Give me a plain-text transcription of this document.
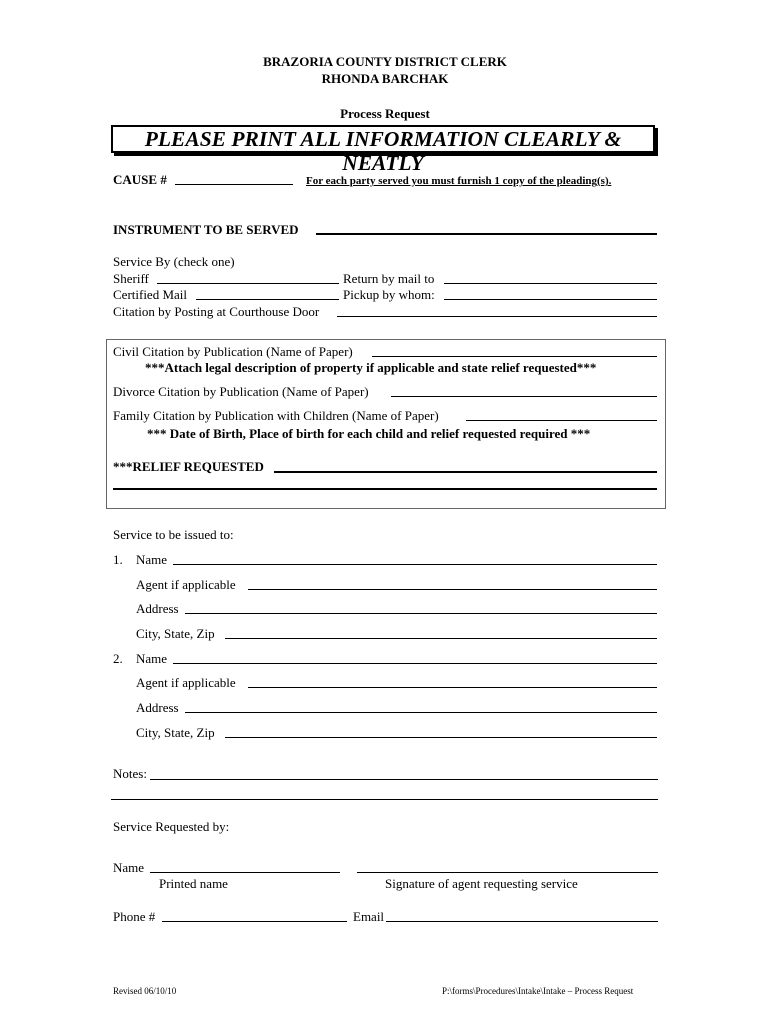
BRAZORIA COUNTY DISTRICT CLERK
RHONDA BARCHAK
Process Request
PLEASE PRINT ALL INFORMATION CLEARLY & NEATLY
CAUSE #	For each party served you must furnish 1 copy of the pleading(s).
INSTRUMENT TO BE SERVED
Service By (check one)
Sheriff	Return by mail to
Certified Mail	Pickup by whom:
Citation by Posting at Courthouse Door
Civil Citation by Publication (Name of Paper)
***Attach legal description of property if applicable and state relief requested***
Divorce Citation by Publication (Name of Paper)
Family Citation by Publication with Children (Name of Paper)
*** Date of Birth, Place of birth for each child and relief requested required ***
***RELIEF REQUESTED
Service to be issued to:
1. Name
Agent if applicable
Address
City, State, Zip
2. Name
Agent if applicable
Address
City, State, Zip
Notes:
Service Requested by:
Name
Printed name	Signature of agent requesting service
Phone #	Email
Revised 06/10/10	P:\forms\Procedures\Intake\Intake – Process Request
